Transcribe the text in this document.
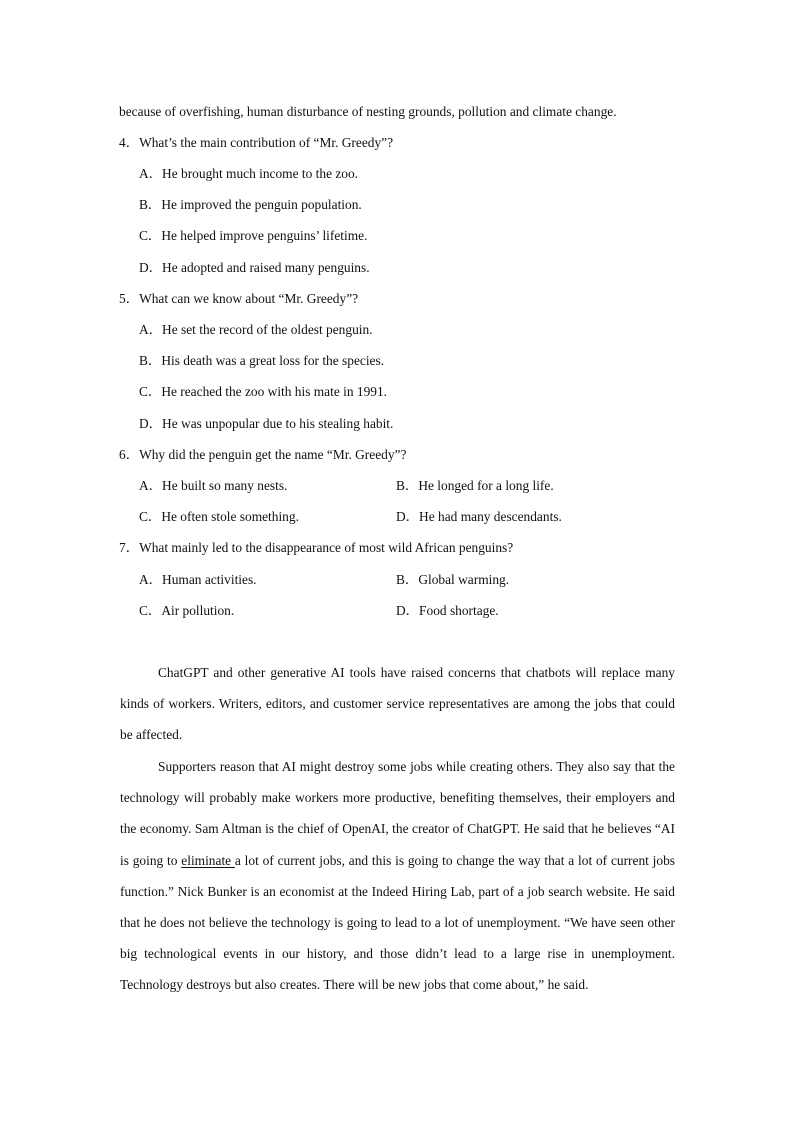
because of overfishing, human disturbance of nesting grounds, pollution and climate change.
4．What’s the main contribution of “Mr. Greedy”?
A．He brought much income to the zoo.
B．He improved the penguin population.
C．He helped improve penguins’ lifetime.
D．He adopted and raised many penguins.
5．What can we know about “Mr. Greedy”?
A．He set the record of the oldest penguin.
B．His death was a great loss for the species.
C．He reached the zoo with his mate in 1991.
D．He was unpopular due to his stealing habit.
6．Why did the penguin get the name “Mr. Greedy”?
A．He built so many nests.	B．He longed for a long life.
C．He often stole something.	D．He had many descendants.
7．What mainly led to the disappearance of most wild African penguins?
A．Human activities.	B．Global warming.
C．Air pollution.	D．Food shortage.
ChatGPT and other generative AI tools have raised concerns that chatbots will replace many kinds of workers. Writers, editors, and customer service representatives are among the jobs that could be affected.
Supporters reason that AI might destroy some jobs while creating others. They also say that the technology will probably make workers more productive, benefiting themselves, their employers and the economy. Sam Altman is the chief of OpenAI, the creator of ChatGPT. He said that he believes “AI is going to eliminate a lot of current jobs, and this is going to change the way that a lot of current jobs function.” Nick Bunker is an economist at the Indeed Hiring Lab, part of a job search website. He said that he does not believe the technology is going to lead to a lot of unemployment. “We have seen other big technological events in our history, and those didn’t lead to a large rise in unemployment. Technology destroys but also creates. There will be new jobs that come about,” he said.
